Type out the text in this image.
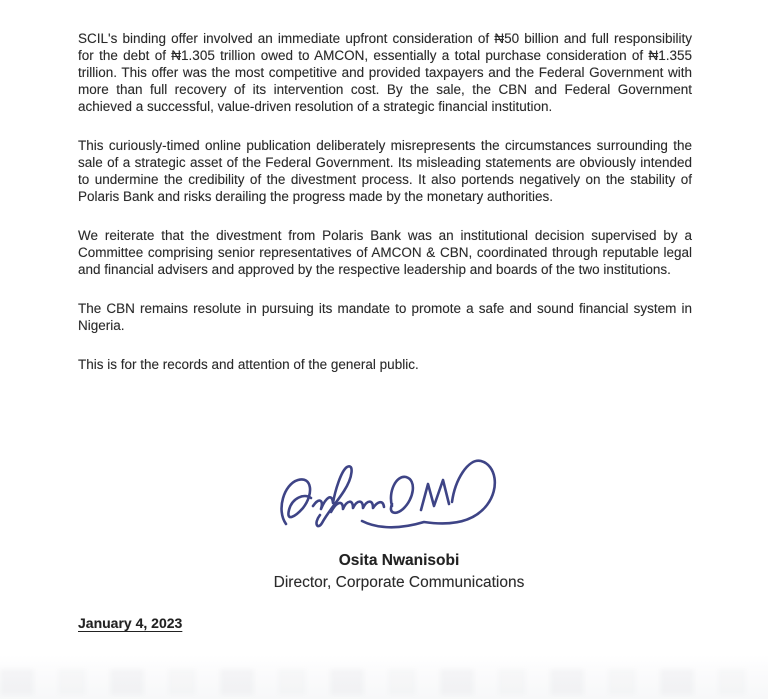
SCIL's binding offer involved an immediate upfront consideration of ₦50 billion and full responsibility for the debt of ₦1.305 trillion owed to AMCON, essentially a total purchase consideration of ₦1.355 trillion. This offer was the most competitive and provided taxpayers and the Federal Government with more than full recovery of its intervention cost. By the sale, the CBN and Federal Government achieved a successful, value-driven resolution of a strategic financial institution.

This curiously-timed online publication deliberately misrepresents the circumstances surrounding the sale of a strategic asset of the Federal Government. Its misleading statements are obviously intended to undermine the credibility of the divestment process. It also portends negatively on the stability of Polaris Bank and risks derailing the progress made by the monetary authorities.

We reiterate that the divestment from Polaris Bank was an institutional decision supervised by a Committee comprising senior representatives of AMCON & CBN, coordinated through reputable legal and financial advisers and approved by the respective leadership and boards of the two institutions.

The CBN remains resolute in pursuing its mandate to promote a safe and sound financial system in Nigeria.

This is for the records and attention of the general public.

Osita Nwanisobi
Director, Corporate Communications
January 4, 2023
